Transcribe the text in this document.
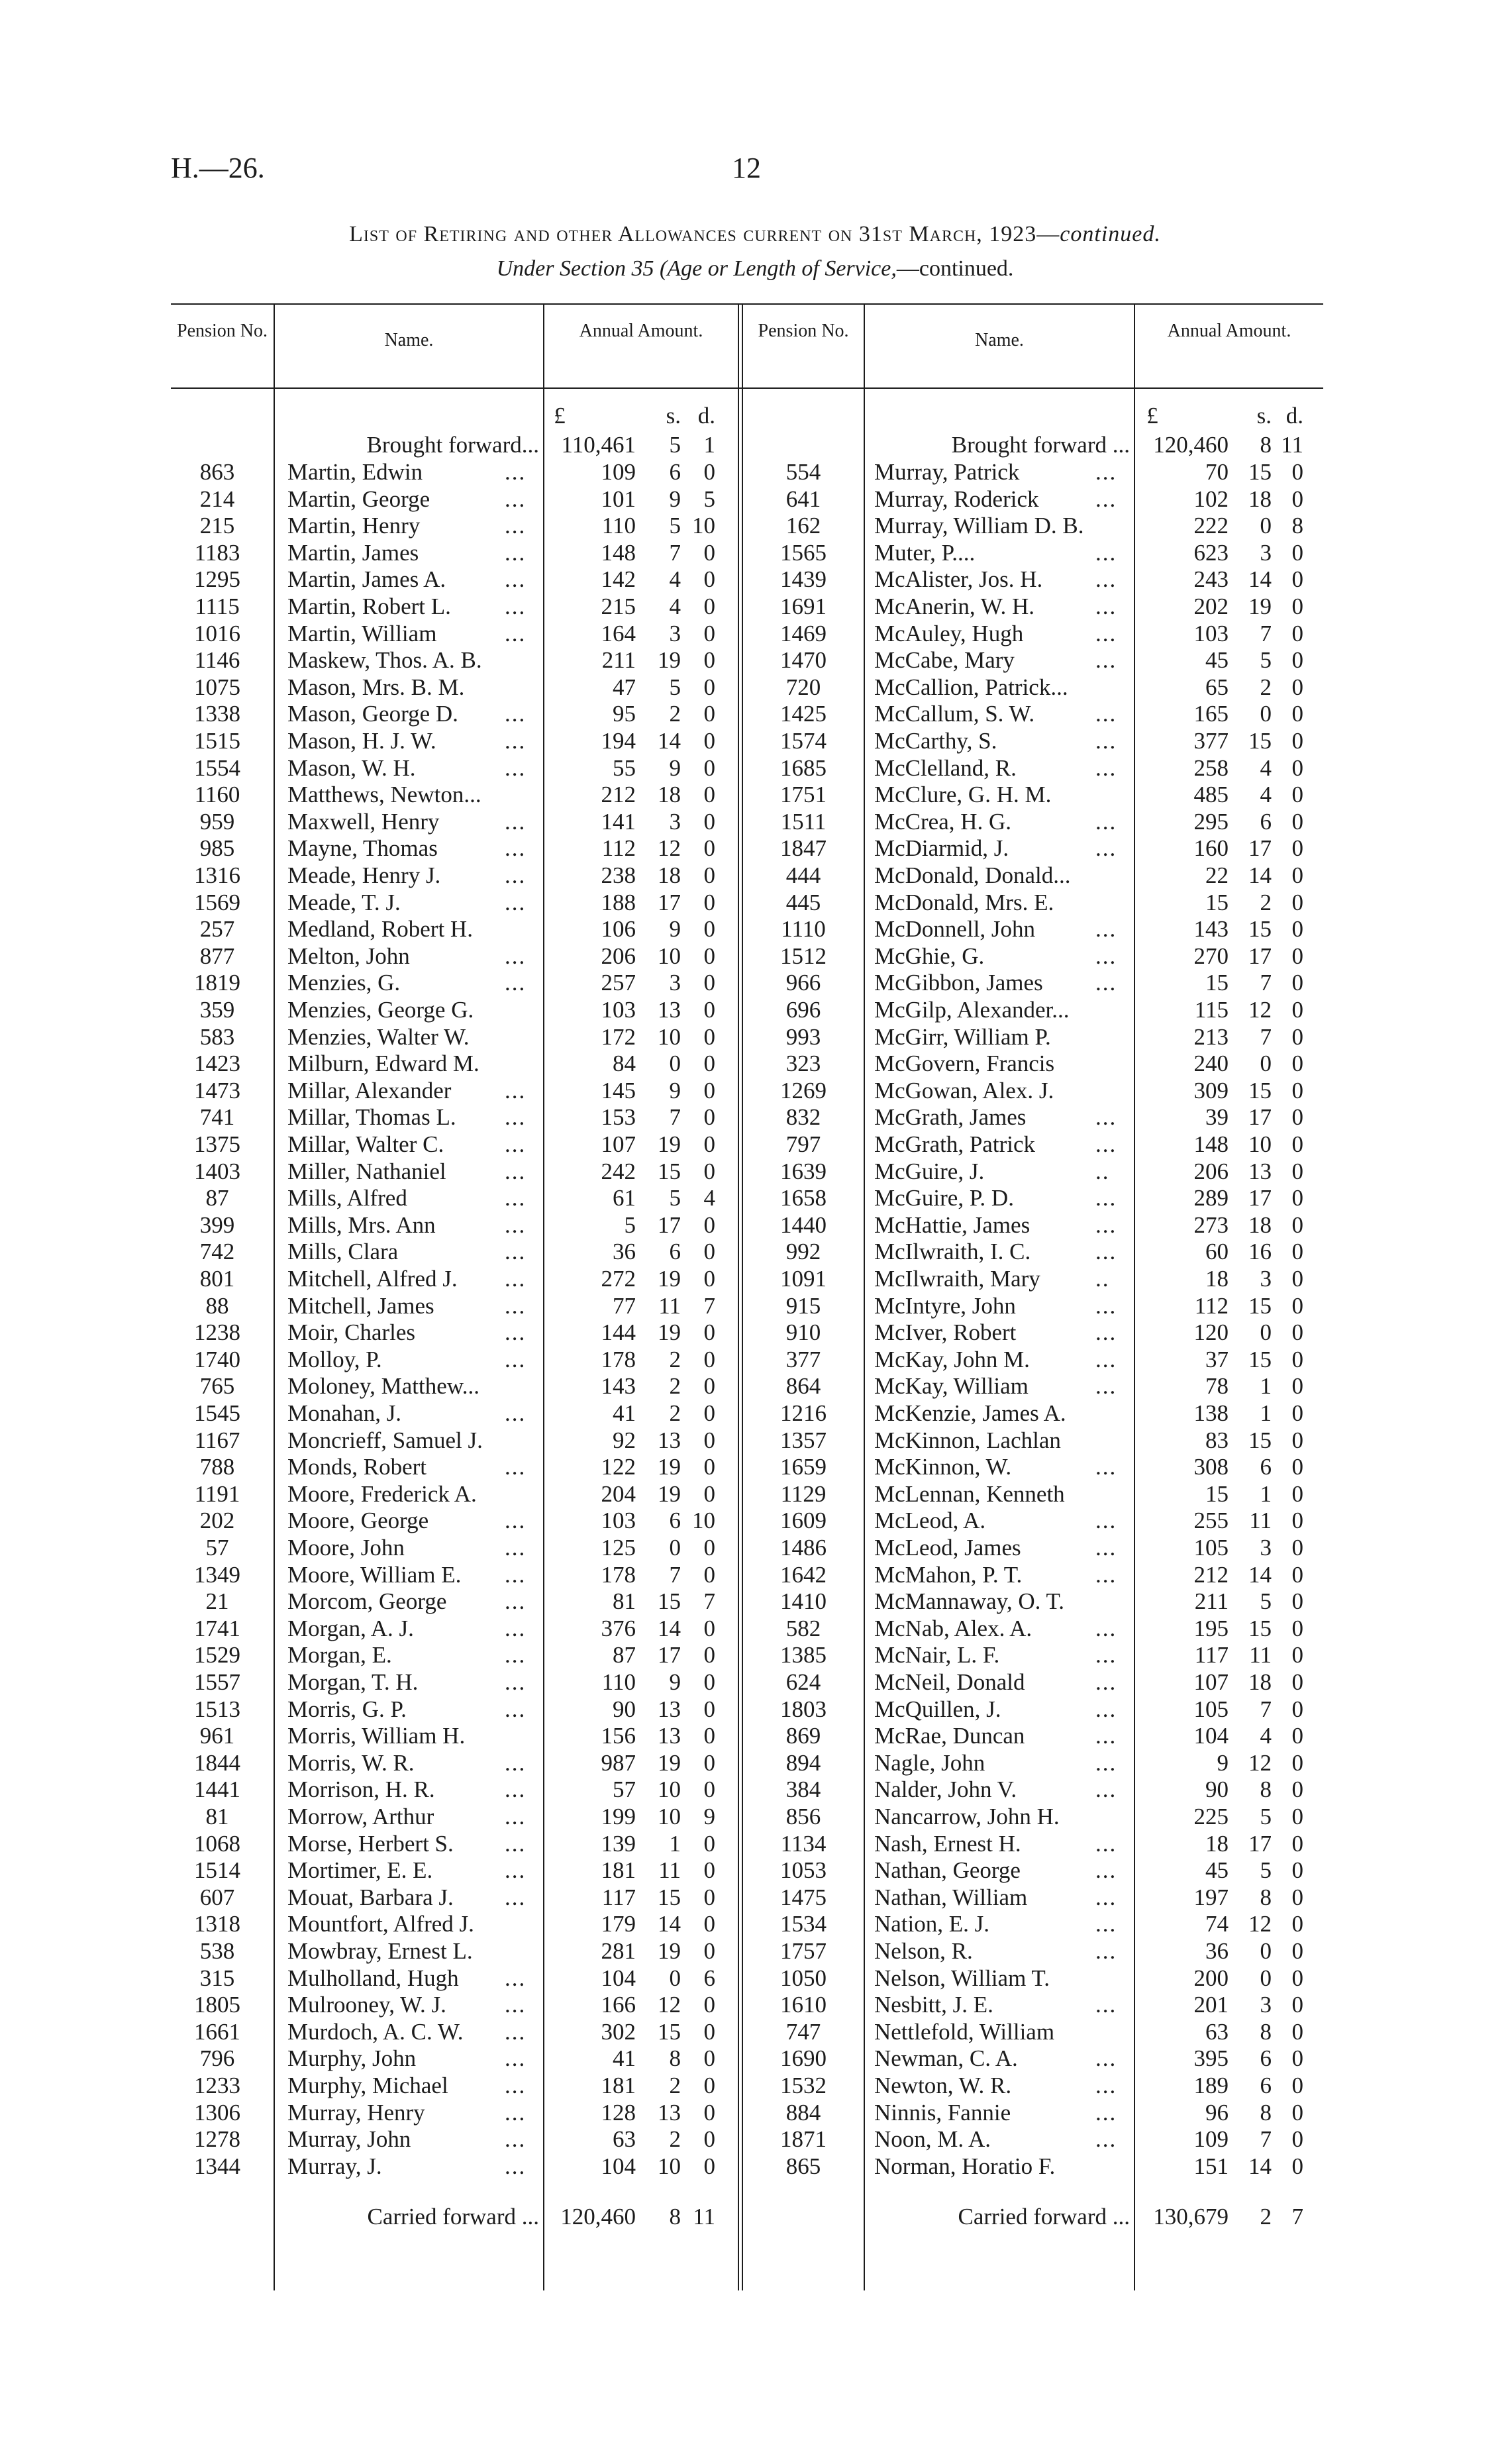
H.—26.	12
List of Retiring and other Allowances current on 31st March, 1923—continued.
Under Section 35 (Age or Length of Service,—continued.
Pension No.	Name.	Annual Amount.	Pension No.	Name.	Annual Amount.
£	s. d.
Brought forward... 110,461	5 1
863	Martin, Edwin	...	109	6 0
214	Martin, George	...	101	9 5
215	Martin, Henry	...	110	5 10
1183	Martin, James	...	148	7 0
1295	Martin, James A.	...	142	4 0
1115	Martin, Robert L.	...	215	4 0
1016	Martin, William	...	164	3 0
1146	Maskew, Thos. A. B.	211 19 0
1075	Mason, Mrs. B. M.	47	5 0
1338	Mason, George D.	...	95	2 0
1515	Mason, H. J. W.	...	194 14 0
1554	Mason, W. H.	...	55	9 0
1160	Matthews, Newton...	212 18 0
959	Maxwell, Henry	...	141	3 0
985	Mayne, Thomas	...	112 12 0
1316	Meade, Henry J.	...	238 18 0
1569	Meade, T. J.	...	188 17 0
257	Medland, Robert H.	106	9 0
877	Melton, John	...	206 10 0
1819	Menzies, G.	...	257	3 0
359	Menzies, George G.	103 13 0
583	Menzies, Walter W.	172 10 0
1423	Milburn, Edward M.	84	0 0
1473	Millar, Alexander	...	145	9 0
741	Millar, Thomas L.	...	153	7 0
1375	Millar, Walter C.	...	107 19 0
1403	Miller, Nathaniel	...	242 15 0
87	Mills, Alfred	...	61	5 4
399	Mills, Mrs. Ann	...	5 17 0
742	Mills, Clara	...	36	6 0
801	Mitchell, Alfred J.	...	272 19 0
88	Mitchell, James	...	77 11 7
1238	Moir, Charles	...	144 19 0
1740	Molloy, P.	...	178	2 0
765	Moloney, Matthew...	143	2 0
1545	Monahan, J.	...	41	2 0
1167	Moncrieff, Samuel J.	92 13 0
788	Monds, Robert	...	122 19 0
1191	Moore, Frederick A.	204 19 0
202	Moore, George	...	103	6 10
57	Moore, John	...	125	0 0
1349	Moore, William E.	...	178	7 0
21	Morcom, George	...	81 15 7
1741	Morgan, A. J.	...	376 14 0
1529	Morgan, E.	...	87 17 0
1557	Morgan, T. H.	...	110	9 0
1513	Morris, G. P.	...	90 13 0
961	Morris, William H.	156 13 0
1844	Morris, W. R.	...	987 19 0
1441	Morrison, H. R.	...	57 10 0
81	Morrow, Arthur	...	199 10 9
1068	Morse, Herbert S.	...	139	1 0
1514	Mortimer, E. E.	...	181 11 0
607	Mouat, Barbara J.	...	117 15 0
1318	Mountfort, Alfred J.	179 14 0
538	Mowbray, Ernest L.	281 19 0
315	Mulholland, Hugh	...	104	0 6
1805	Mulrooney, W. J.	...	166 12 0
1661	Murdoch, A. C. W.	...	302 15 0
796	Murphy, John	...	41	8 0
1233	Murphy, Michael	...	181	2 0
1306	Murray, Henry	...	128 13 0
1278	Murray, John	...	63	2 0
1344	Murray, J.	...	104 10 0
Carried forward ... 120,460	8 11
£	s. d.
Brought forward ...	120,460	8 11
554	Murray, Patrick	...	70 15 0
641	Murray, Roderick	...	102 18 0
162	Murray, William D. B.	222	0 8
1565	Muter, P....	...	623	3 0
1439	McAlister, Jos. H.	...	243 14 0
1691	McAnerin, W. H.	...	202 19 0
1469	McAuley, Hugh	...	103	7 0
1470	McCabe, Mary	...	45	5 0
720	McCallion, Patrick...	65	2 0
1425	McCallum, S. W.	...	165	0 0
1574	McCarthy, S.	...	377 15 0
1685	McClelland, R.	...	258	4 0
1751	McClure, G. H. M.	485	4 0
1511	McCrea, H. G.	...	295	6 0
1847	McDiarmid, J.	...	160 17 0
444	McDonald, Donald...	22 14 0
445	McDonald, Mrs. E.	15	2 0
1110	McDonnell, John	...	143 15 0
1512	McGhie, G.	...	270 17 0
966	McGibbon, James	...	15	7 0
696	McGilp, Alexander...	115 12 0
993	McGirr, William P.	213	7 0
323	McGovern, Francis	240	0 0
1269	McGowan, Alex. J.	309 15 0
832	McGrath, James	...	39 17 0
797	McGrath, Patrick	...	148 10 0
1639	McGuire, J.	..	206 13 0
1658	McGuire, P. D.	...	289 17 0
1440	McHattie, James	...	273 18 0
992	McIlwraith, I. C.	...	60 16 0
1091	McIlwraith, Mary	..	18	3 0
915	McIntyre, John	...	112 15 0
910	McIver, Robert	...	120	0 0
377	McKay, John M.	...	37 15 0
864	McKay, William	...	78	1 0
1216	McKenzie, James A.	138	1 0
1357	McKinnon, Lachlan	83 15 0
1659	McKinnon, W.	...	308	6 0
1129	McLennan, Kenneth	15	1 0
1609	McLeod, A.	...	255 11 0
1486	McLeod, James	...	105	3 0
1642	McMahon, P. T.	...	212 14 0
1410	McMannaway, O. T.	211	5 0
582	McNab, Alex. A.	...	195 15 0
1385	McNair, L. F.	...	117 11 0
624	McNeil, Donald	...	107 18 0
1803	McQuillen, J.	...	105	7 0
869	McRae, Duncan	...	104	4 0
894	Nagle, John	...	9 12 0
384	Nalder, John V.	...	90	8 0
856	Nancarrow, John H.	225	5 0
1134	Nash, Ernest H.	...	18 17 0
1053	Nathan, George	...	45	5 0
1475	Nathan, William	...	197	8 0
1534	Nation, E. J.	...	74 12 0
1757	Nelson, R.	...	36	0 0
1050	Nelson, William T.	200	0 0
1610	Nesbitt, J. E.	...	201	3 0
747	Nettlefold, William	63	8 0
1690	Newman, C. A.	...	395	6 0
1532	Newton, W. R.	...	189	6 0
884	Ninnis, Fannie	...	96	8 0
1871	Noon, M. A.	...	109	7 0
865	Norman, Horatio F.	151 14 0
Carried forward ...	130,679	2 7
